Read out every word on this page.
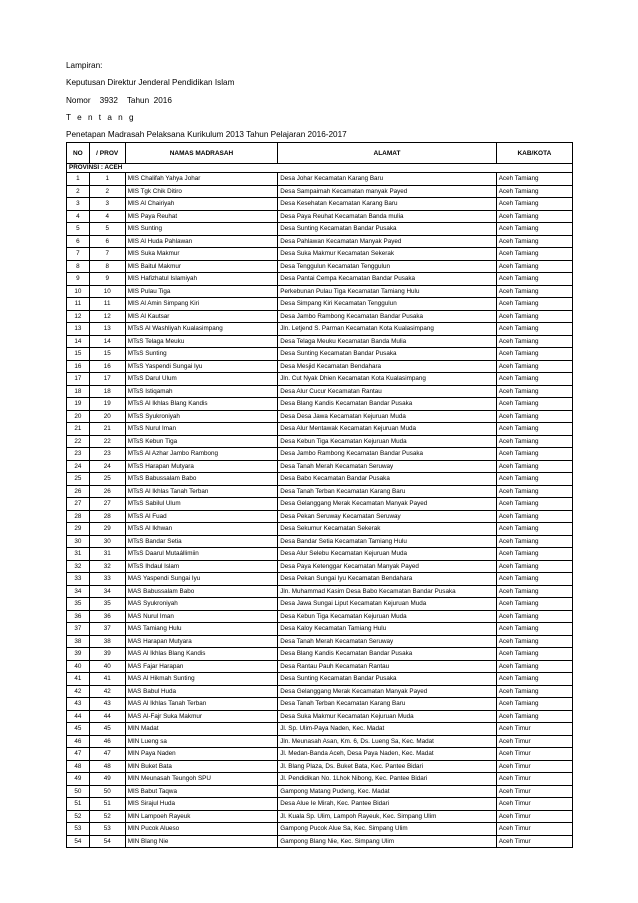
Lampiran:
Keputusan Direktur Jenderal Pendidikan Islam
Nomor    3932    Tahun  2016
T e n t a n g
Penetapan Madrasah Pelaksana Kurikulum 2013 Tahun Pelajaran 2016-2017
NO	/ PROV	NAMAS MADRASAH	ALAMAT	KAB/KOTA
PROVINSI : ACEH				
1	1	MIS Chalifah Yahya Johar	Desa Johar Kecamatan Karang Baru	Aceh Tamiang
2	2	MIS Tgk Chik Ditiro	Desa Sampaimah Kecamatan manyak Payed	Aceh Tamiang
3	3	MIS Al Chairiyah	Desa Kesehatan Kecamatan Karang Baru	Aceh Tamiang
4	4	MIS Paya Reuhat	Desa Paya Reuhat Kecamatan Banda mulia	Aceh Tamiang
5	5	MIS Sunting	Desa Sunting Kecamatan Bandar Pusaka	Aceh Tamiang
6	6	MIS Al Huda Pahlawan	Desa Pahlawan Kecamatan Manyak Payed	Aceh Tamiang
7	7	MIS Suka Makmur	Desa Suka Makmur Kecamatan Sekerak	Aceh Tamiang
8	8	MIS Baitul Makmur	Desa Tenggulun Kecamatan Tenggulun	Aceh Tamiang
9	9	MIS Hafizhatul Islamiyah	Desa Pantai Cempa Kecamatan Bandar Pusaka	Aceh Tamiang
10	10	MIS Pulau Tiga	Perkebunan Pulau Tiga Kecamatan Tamiang Hulu	Aceh Tamiang
11	11	MIS Al Amin Simpang Kiri	Desa Simpang Kiri Kecamatan Tenggulun	Aceh Tamiang
12	12	MIS Al Kautsar	Desa Jambo Rambong Kecamatan Bandar Pusaka	Aceh Tamiang
13	13	MTsS Al Washliyah Kualasimpang	Jln. Letjend S. Parman Kecamatan Kota Kualasimpang	Aceh Tamiang
14	14	MTsS Telaga Meuku	Desa Telaga Meuku Kecamatan Banda Mulia	Aceh Tamiang
15	15	MTsS Sunting	Desa Sunting Kecamatan Bandar Pusaka	Aceh Tamiang
16	16	MTsS Yaspendi Sungai Iyu	Desa Mesjid Kecamatan Bendahara	Aceh Tamiang
17	17	MTsS Darul Ulum	Jln. Cut Nyak Dhien Kecamatan Kota Kualasimpang	Aceh Tamiang
18	18	MTsS Istiqamah	Desa Alur Cucur Kecamatan Rantau	Aceh Tamiang
19	19	MTsS Al Ikhlas Blang Kandis	Desa Blang Kandis Kecamatan Bandar Pusaka	Aceh Tamiang
20	20	MTsS Syukroniyah	Desa Desa Jawa Kecamatan Kejuruan Muda	Aceh Tamiang
21	21	MTsS Nurul Iman	Desa Alur Mentawak Kecamatan Kejuruan Muda	Aceh Tamiang
22	22	MTsS Kebun Tiga	Desa Kebun Tiga Kecamatan Kejuruan Muda	Aceh Tamiang
23	23	MTsS Al Azhar Jambo Rambong	Desa Jambo Rambong Kecamatan Bandar Pusaka	Aceh Tamiang
24	24	MTsS Harapan Mutyara	Desa Tanah Merah Kecamatan Seruway	Aceh Tamiang
25	25	MTsS Babussalam Babo	Desa Babo Kecamatan Bandar Pusaka	Aceh Tamiang
26	26	MTsS Al Ikhlas Tanah Terban	Desa Tanah Terban Kecamatan Karang Baru	Aceh Tamiang
27	27	MTsS Sabilul Ulum	Desa Gelanggang Merak Kecamatan Manyak Payed	Aceh Tamiang
28	28	MTsS Al Fuad	Desa Pekan Seruway Kecamatan Seruway	Aceh Tamiang
29	29	MTsS Al Ikhwan	Desa Sekumur Kecamatan Sekerak	Aceh Tamiang
30	30	MTsS Bandar Setia	Desa Bandar Setia Kecamatan Tamiang Hulu	Aceh Tamiang
31	31	MTsS Daarul Mutaállimiin	Desa Alur Selebu Kecamatan Kejuruan Muda	Aceh Tamiang
32	32	MTsS Ihdaul Islam	Desa Paya Ketenggar Kecamatan Manyak Payed	Aceh Tamiang
33	33	MAS Yaspendi Sungai Iyu	Desa Pekan Sungai Iyu Kecamatan Bendahara	Aceh Tamiang
34	34	MAS Babussalam Babo	Jln. Muhammad Kasim Desa Babo Kecamatan Bandar Pusaka	Aceh Tamiang
35	35	MAS Syukroniyah	Desa Jawa Sungai Liput Kecamatan Kejuruan Muda	Aceh Tamiang
36	36	MAS Nurul Iman	Desa Kebun Tiga Kecamatan Kejuruan Muda	Aceh Tamiang
37	37	MAS Tamiang Hulu	Desa Kaloy Kecamatan Tamiang Hulu	Aceh Tamiang
38	38	MAS Harapan Mutyara	Desa Tanah Merah Kecamatan Seruway	Aceh Tamiang
39	39	MAS Al Ikhlas Blang Kandis	Desa Blang Kandis Kecamatan Bandar Pusaka	Aceh Tamiang
40	40	MAS Fajar Harapan	Desa Rantau Pauh Kecamatan Rantau	Aceh Tamiang
41	41	MAS Al Hikmah Sunting	Desa Sunting Kecamatan Bandar Pusaka	Aceh Tamiang
42	42	MAS Babul Huda	Desa Gelanggang Merak Kecamatan Manyak Payed	Aceh Tamiang
43	43	MAS Al Ikhlas Tanah Terban	Desa Tanah Terban Kecamatan Karang Baru	Aceh Tamiang
44	44	MAS Al-Fajr Suka Makmur	Desa Suka Makmur Kecamatan Kejuruan Muda	Aceh Tamiang
45	45	MIN Madat	Jl. Sp. Ulim-Paya Naden, Kec. Madat	Aceh Timur
46	46	MIN Lueng sa	Jln. Meunasah Asan, Km. 6, Ds. Lueng Sa, Kec. Madat	Aceh Timur
47	47	MIN Paya Naden	Jl. Medan-Banda Aceh, Desa Paya Naden, Kec. Madat	Aceh Timur
48	48	MIN Buket Bata	Jl. Blang Plaza, Ds. Buket Bata, Kec. Pantee Bidari	Aceh Timur
49	49	MIN Meunasah Teungoh SPU	Jl. Pendidikan No. 1Lhok Nibong, Kec. Pantee Bidari	Aceh Timur
50	50	MIS Babut Taqwa	Gampong Matang Pudeng, Kec. Madat	Aceh Timur
51	51	MIS Sirajul Huda	Desa Alue Ie Mirah, Kec. Pantee Bidari	Aceh Timur
52	52	MIN Lampoeh Rayeuk	Jl. Kuala Sp. Ulim, Lampoh Rayeuk, Kec. Simpang Ulim	Aceh Timur
53	53	MIN Pucok Alueso	Gampong Pucok Alue Sa, Kec. Simpang Ulim	Aceh Timur
54	54	MIN Blang Nie	Gampong Blang Nie, Kec. Simpang Ulim	Aceh Timur
